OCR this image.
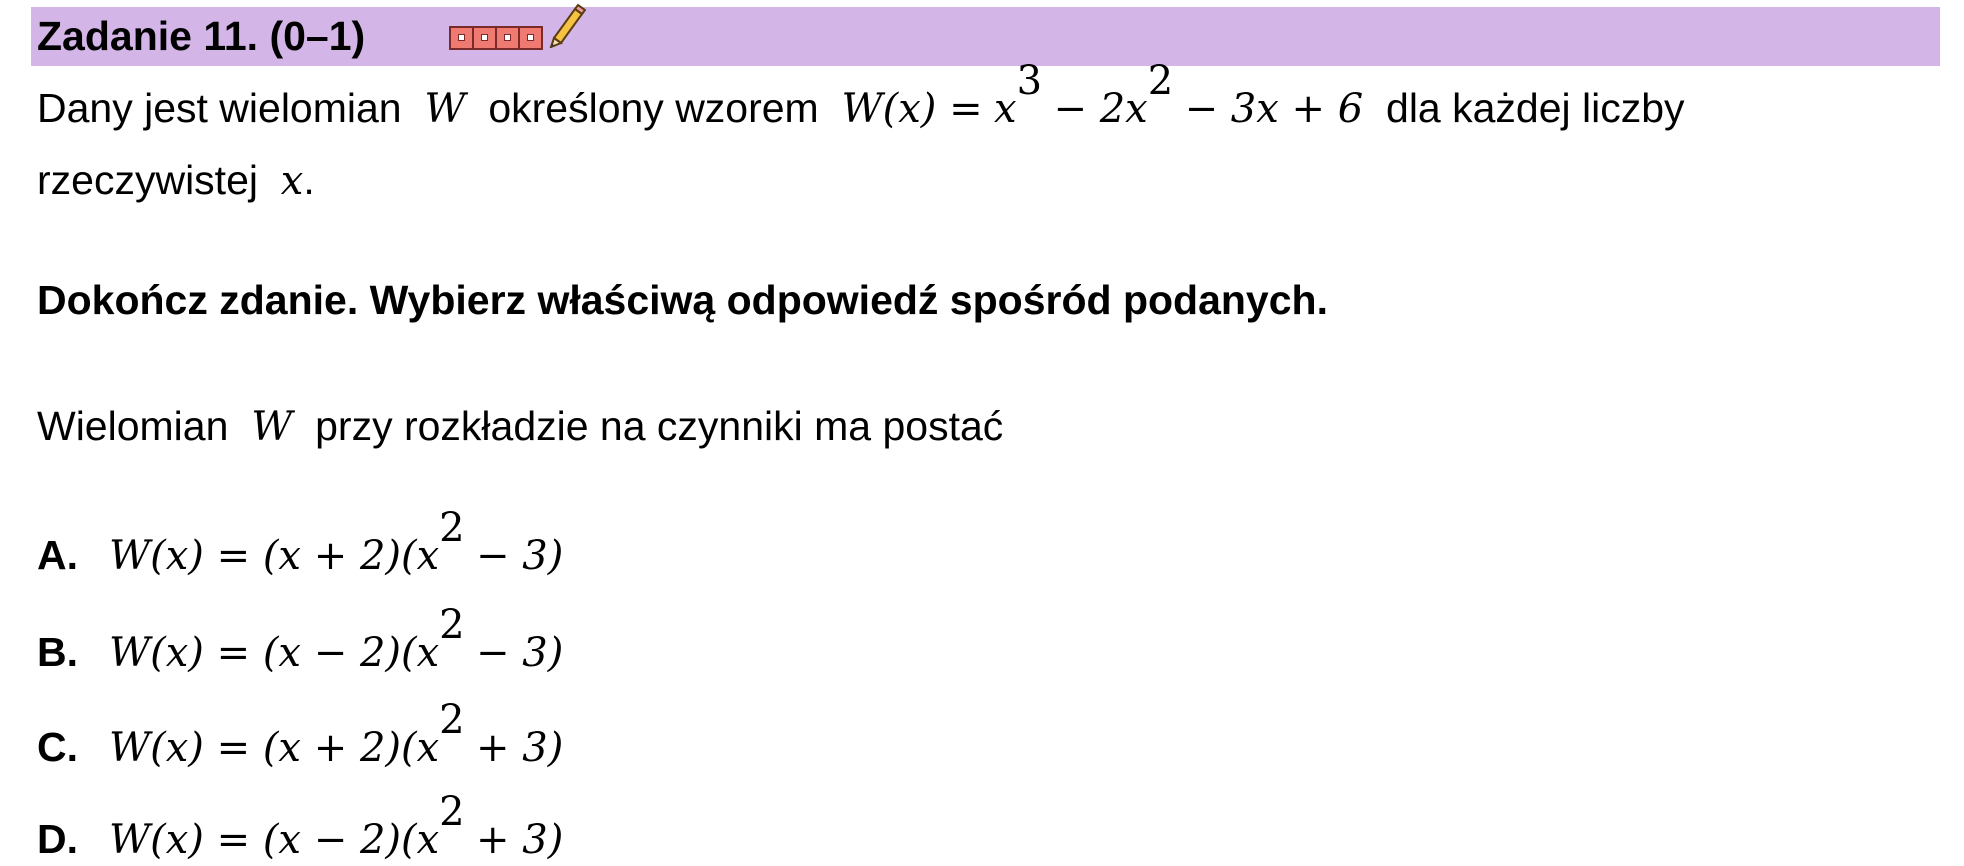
Zadanie 11. (0–1)
Dany jest wielomian W określony wzorem $W(x) = x^3 - 2x^2 - 3x + 6$ dla każdej liczby
rzeczywistej x.
Dokończ zdanie. Wybierz właściwą odpowiedź spośród podanych.
Wielomian W przy rozkładzie na czynniki ma postać
A. $W(x) = (x + 2)(x^2 - 3)$
B. $W(x) = (x - 2)(x^2 - 3)$
C. $W(x) = (x + 2)(x^2 + 3)$
D. $W(x) = (x - 2)(x^2 + 3)$
